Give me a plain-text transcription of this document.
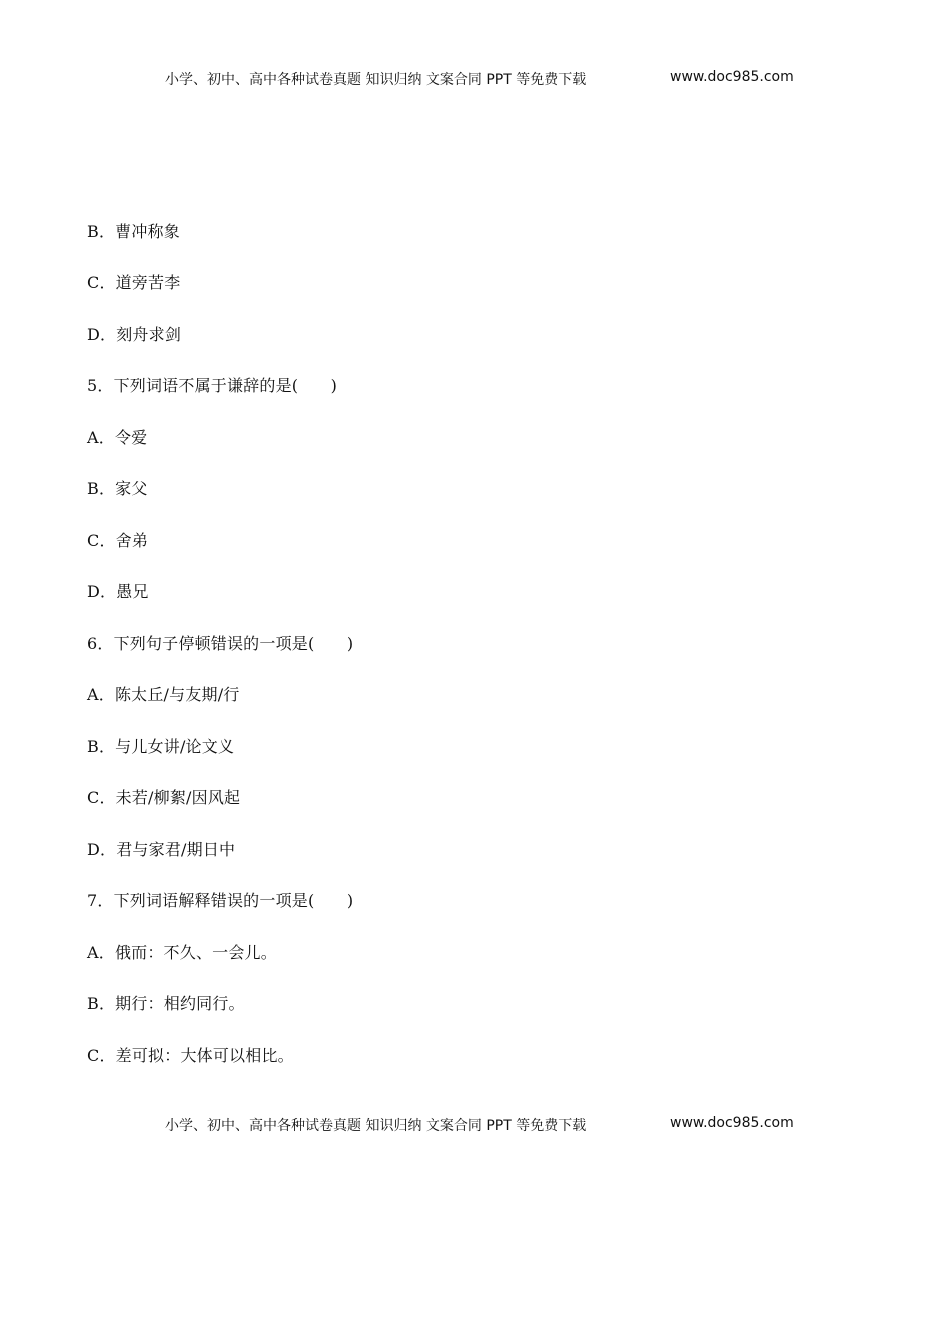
小学、初中、高中各种试卷真题 知识归纳 文案合同 PPT 等免费下载	www.doc985.com
B．曹冲称象
C．道旁苦李
D．刻舟求剑
5．下列词语不属于谦辞的是(　　)
A．令爱
B．家父
C．舍弟
D．愚兄
6．下列句子停顿错误的一项是(　　)
A．陈太丘/与友期/行
B．与儿女讲/论文义
C．未若/柳絮/因风起
D．君与家君/期日中
7．下列词语解释错误的一项是(　　)
A．俄而：不久、一会儿。
B．期行：相约同行。
C．差可拟：大体可以相比。
小学、初中、高中各种试卷真题 知识归纳 文案合同 PPT 等免费下载	www.doc985.com
